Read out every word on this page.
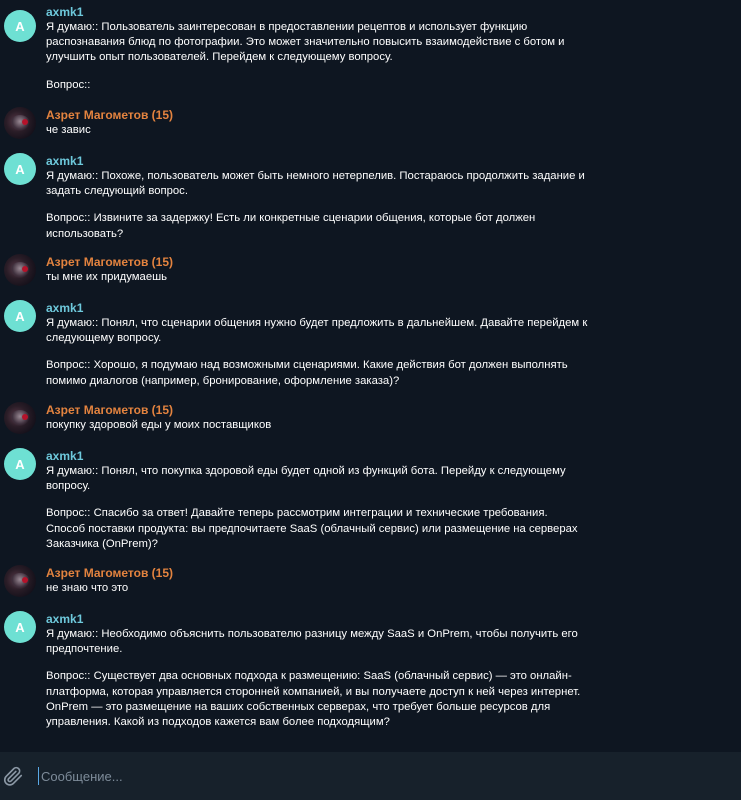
A
axmk1
Я думаю:: Пользователь заинтересован в предоставлении рецептов и использует функцию
распознавания блюд по фотографии. Это может значительно повысить взаимодействие с ботом и
улучшить опыт пользователей. Перейдем к следующему вопросу.
Вопрос::
Азрет Магометов (15)
че завис
A
axmk1
Я думаю:: Похоже, пользователь может быть немного нетерпелив. Постараюсь продолжить задание и
задать следующий вопрос.
Вопрос:: Извините за задержку! Есть ли конкретные сценарии общения, которые бот должен
использовать?
Азрет Магометов (15)
ты мне их придумаешь
A
axmk1
Я думаю:: Понял, что сценарии общения нужно будет предложить в дальнейшем. Давайте перейдем к
следующему вопросу.
Вопрос:: Хорошо, я подумаю над возможными сценариями. Какие действия бот должен выполнять
помимо диалогов (например, бронирование, оформление заказа)?
Азрет Магометов (15)
покупку здоровой еды у моих поставщиков
A
axmk1
Я думаю:: Понял, что покупка здоровой еды будет одной из функций бота. Перейду к следующему
вопросу.
Вопрос:: Спасибо за ответ! Давайте теперь рассмотрим интеграции и технические требования.
Способ поставки продукта: вы предпочитаете SaaS (облачный сервис) или размещение на серверах
Заказчика (OnPrem)?
Азрет Магометов (15)
не знаю что это
A
axmk1
Я думаю:: Необходимо объяснить пользователю разницу между SaaS и OnPrem, чтобы получить его
предпочтение.
Вопрос:: Существует два основных подхода к размещению: SaaS (облачный сервис) — это онлайн-
платформа, которая управляется сторонней компанией, и вы получаете доступ к ней через интернет.
OnPrem — это размещение на ваших собственных серверах, что требует больше ресурсов для
управления. Какой из подходов кажется вам более подходящим?
Сообщение...
